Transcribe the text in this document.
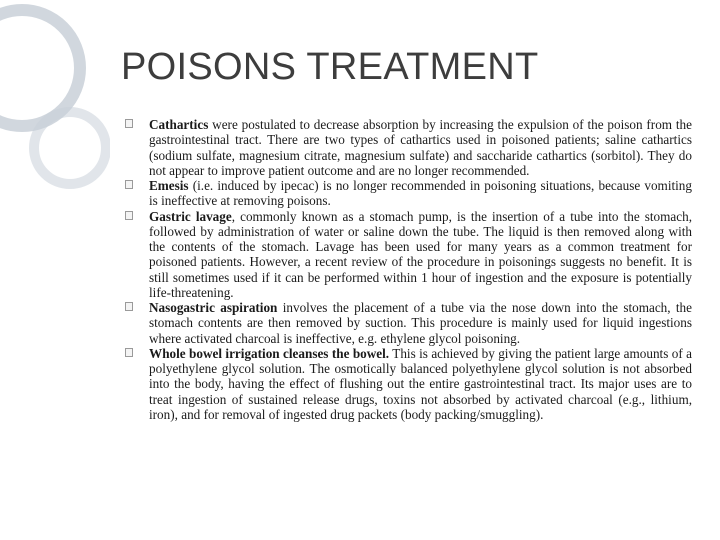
POISONS TREATMENT
Cathartics were postulated to decrease absorption by increasing the expulsion of the poison from the gastrointestinal tract. There are two types of cathartics used in poisoned patients; saline cathartics (sodium sulfate, magnesium citrate, magnesium sulfate) and saccharide cathartics (sorbitol). They do not appear to improve patient outcome and are no longer recommended.
Emesis (i.e. induced by ipecac) is no longer recommended in poisoning situations, because vomiting is ineffective at removing poisons.
Gastric lavage, commonly known as a stomach pump, is the insertion of a tube into the stomach, followed by administration of water or saline down the tube. The liquid is then removed along with the contents of the stomach. Lavage has been used for many years as a common treatment for poisoned patients. However, a recent review of the procedure in poisonings suggests no benefit. It is still sometimes used if it can be performed within 1 hour of ingestion and the exposure is potentially life-threatening.
Nasogastric aspiration involves the placement of a tube via the nose down into the stomach, the stomach contents are then removed by suction. This procedure is mainly used for liquid ingestions where activated charcoal is ineffective, e.g. ethylene glycol poisoning.
Whole bowel irrigation cleanses the bowel. This is achieved by giving the patient large amounts of a polyethylene glycol solution. The osmotically balanced polyethylene glycol solution is not absorbed into the body, having the effect of flushing out the entire gastrointestinal tract. Its major uses are to treat ingestion of sustained release drugs, toxins not absorbed by activated charcoal (e.g., lithium, iron), and for removal of ingested drug packets (body packing/smuggling).
